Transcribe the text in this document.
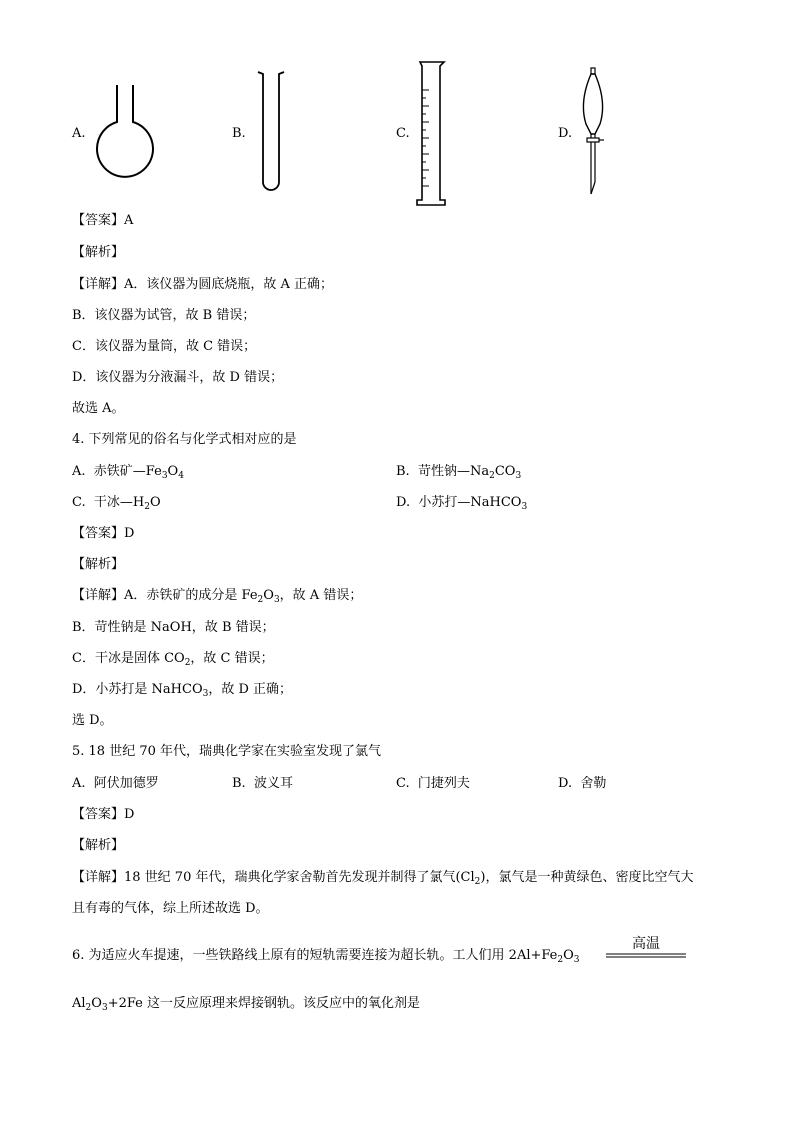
A.	B.	C.	D.
【答案】A
【解析】
【详解】A．该仪器为圆底烧瓶，故 A 正确；
B．该仪器为试管，故 B 错误；
C．该仪器为量筒，故 C 错误；
D．该仪器为分液漏斗，故 D 错误；
故选 A。
4. 下列常见的俗名与化学式相对应的是
A. 赤铁矿$—Fe_3O_4$	B. 苛性钠$—Na_2CO_3$
C. 干冰$—H_2O$	D. 小苏打—NaHCO$_3$
【答案】D
【解析】
【详解】A．赤铁矿的成分是 $Fe_2O_3$，故 A 错误；
B．苛性钠是 NaOH，故 B 错误；
C．干冰是固体 $CO_2$，故 C 错误；
D．小苏打是 NaHCO$_3$，故 D 正确；
选 D。
5. 18 世纪 70 年代，瑞典化学家在实验室发现了氯气
A. 阿伏加德罗	B. 波义耳	C. 门捷列夫	D. 舍勒
【答案】D
【解析】
【详解】18 世纪 70 年代，瑞典化学家舍勒首先发现并制得了氯气$(Cl_2)$，氯气是一种黄绿色、密度比空气大
且有毒的气体，综上所述故选 D。
6. 为适应火车提速，一些铁路线上原有的短轨需要连接为超长轨。工人们用 $2Al+Fe_2O_3$
高温
$Al_2O_3+2Fe$ 这一反应原理来焊接钢轨。该反应中的氧化剂是
